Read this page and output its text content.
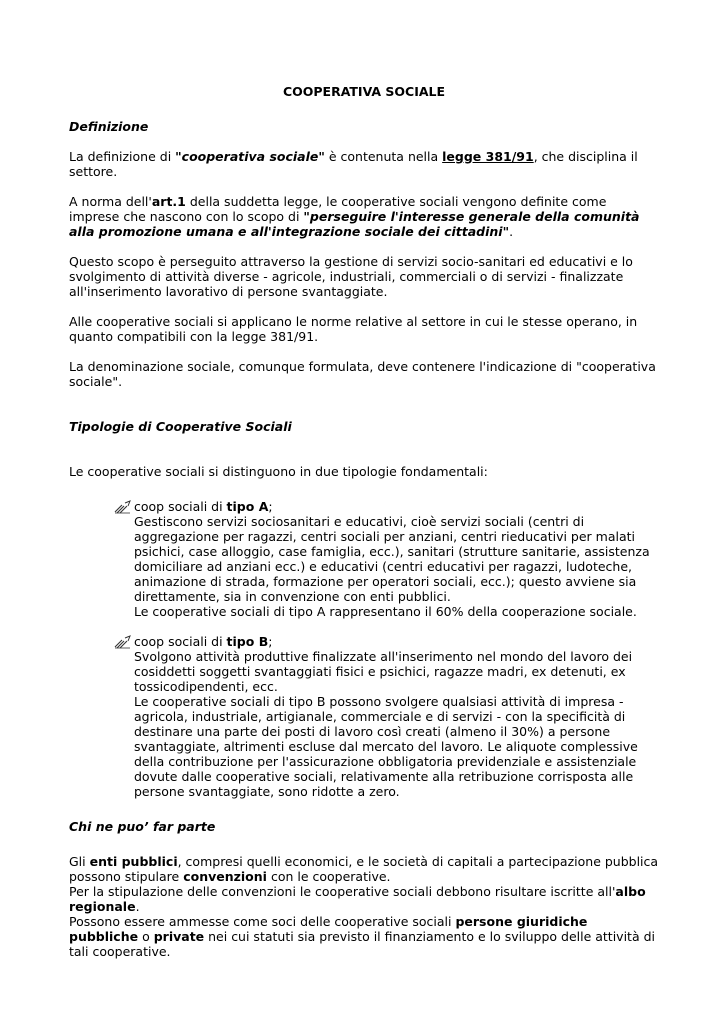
COOPERATIVA SOCIALE

Definizione

La definizione di "cooperativa sociale" è contenuta nella legge 381/91, che disciplina il settore.

A norma dell'art.1 della suddetta legge, le cooperative sociali vengono definite come imprese che nascono con lo scopo di "perseguire l'interesse generale della comunità alla promozione umana e all'integrazione sociale dei cittadini".

Questo scopo è perseguito attraverso la gestione di servizi socio-sanitari ed educativi e lo svolgimento di attività diverse - agricole, industriali, commerciali o di servizi - finalizzate all'inserimento lavorativo di persone svantaggiate.

Alle cooperative sociali si applicano le norme relative al settore in cui le stesse operano, in quanto compatibili con la legge 381/91.

La denominazione sociale, comunque formulata, deve contenere l'indicazione di "cooperativa sociale".

Tipologie di Cooperative Sociali

Le cooperative sociali si distinguono in due tipologie fondamentali:

coop sociali di tipo A;

Gestiscono servizi sociosanitari e educativi, cioè servizi sociali (centri di aggregazione per ragazzi, centri sociali per anziani, centri rieducativi per malati psichici, case alloggio, case famiglia, ecc.), sanitari (strutture sanitarie, assistenza domiciliare ad anziani ecc.) e educativi (centri educativi per ragazzi, ludoteche, animazione di strada, formazione per operatori sociali, ecc.); questo avviene sia direttamente, sia in convenzione con enti pubblici.

Le cooperative sociali di tipo A rappresentano il 60% della cooperazione sociale.

coop sociali di tipo B;

Svolgono attività produttive finalizzate all'inserimento nel mondo del lavoro dei cosiddetti soggetti svantaggiati fisici e psichici, ragazze madri, ex detenuti, ex tossicodipendenti, ecc.

Le cooperative sociali di tipo B possono svolgere qualsiasi attività di impresa - agricola, industriale, artigianale, commerciale e di servizi - con la specificità di destinare una parte dei posti di lavoro così creati (almeno il 30%) a persone svantaggiate, altrimenti escluse dal mercato del lavoro. Le aliquote complessive della contribuzione per l'assicurazione obbligatoria previdenziale e assistenziale dovute dalle cooperative sociali, relativamente alla retribuzione corrisposta alle persone svantaggiate, sono ridotte a zero.

Chi ne puo’ far parte

Gli enti pubblici, compresi quelli economici, e le società di capitali a partecipazione pubblica possono stipulare convenzioni con le cooperative.

Per la stipulazione delle convenzioni le cooperative sociali debbono risultare iscritte all'albo regionale.

Possono essere ammesse come soci delle cooperative sociali persone giuridiche pubbliche o private nei cui statuti sia previsto il finanziamento e lo sviluppo delle attività di tali cooperative.
